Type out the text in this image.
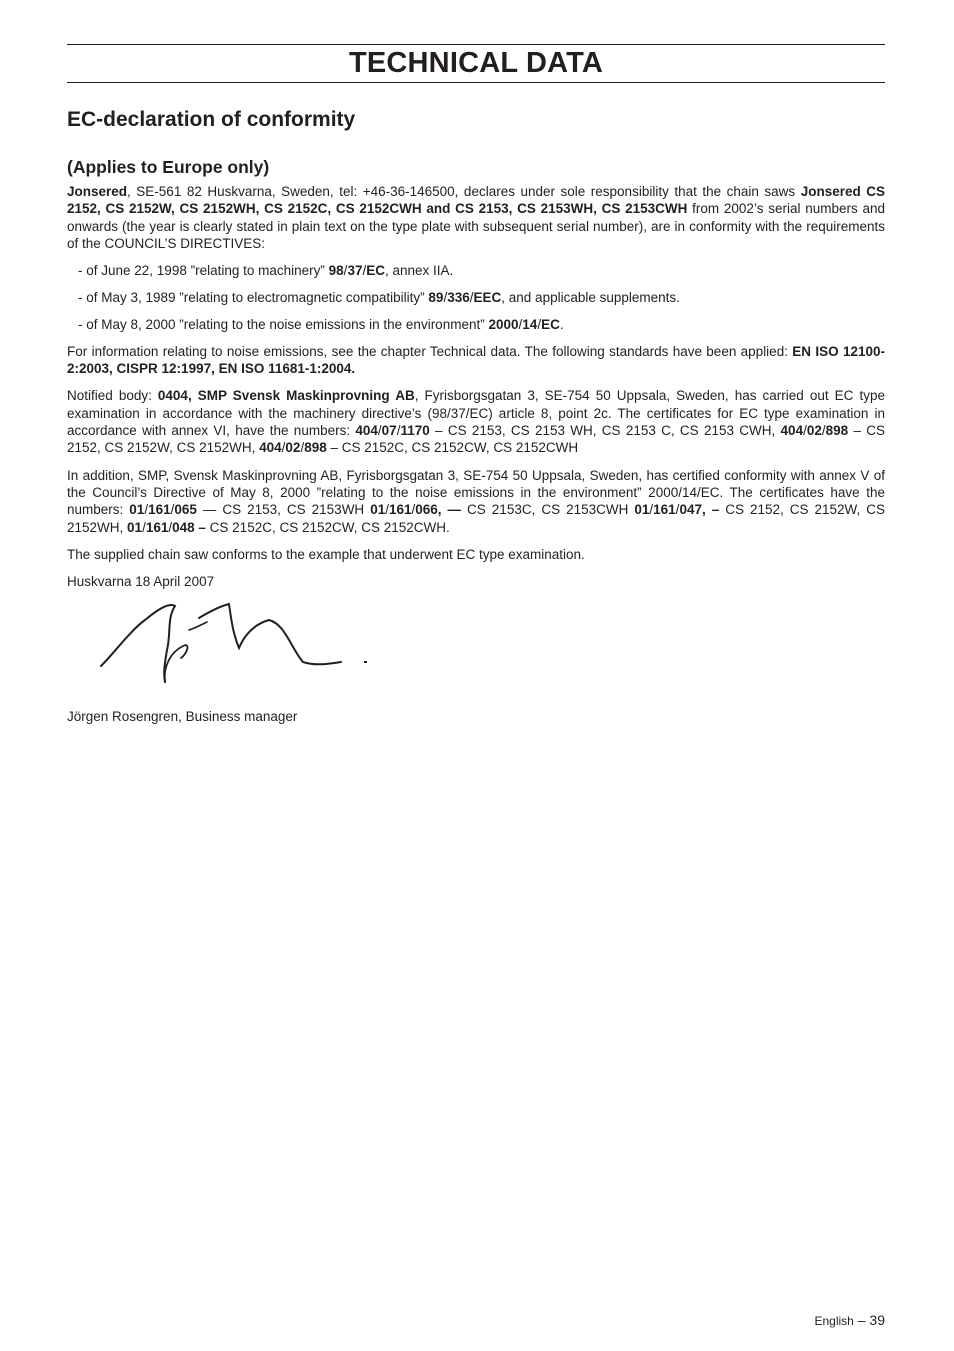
TECHNICAL DATA
EC-declaration of conformity
(Applies to Europe only)

Jonsered, SE-561 82 Huskvarna, Sweden, tel: +46-36-146500, declares under sole responsibility that the chain saws Jonsered CS 2152, CS 2152W, CS 2152WH, CS 2152C, CS 2152CWH and CS 2153, CS 2153WH, CS 2153CWH from 2002’s serial numbers and onwards (the year is clearly stated in plain text on the type plate with subsequent serial number), are in conformity with the requirements of the COUNCIL’S DIRECTIVES:

- of June 22, 1998 ”relating to machinery” 98/37/EC, annex IIA.

- of May 3, 1989 ”relating to electromagnetic compatibility” 89/336/EEC, and applicable supplements.

- of May 8, 2000 ”relating to the noise emissions in the environment” 2000/14/EC.

For information relating to noise emissions, see the chapter Technical data. The following standards have been applied: EN ISO 12100-2:2003, CISPR 12:1997, EN ISO 11681-1:2004.

Notified body: 0404, SMP Svensk Maskinprovning AB, Fyrisborgsgatan 3, SE-754 50 Uppsala, Sweden, has carried out EC type examination in accordance with the machinery directive’s (98/37/EC) article 8, point 2c. The certificates for EC type examination in accordance with annex VI, have the numbers: 404/07/1170 – CS 2153, CS 2153 WH, CS 2153 C, CS 2153 CWH, 404/02/898 – CS 2152, CS 2152W, CS 2152WH, 404/02/898 – CS 2152C, CS 2152CW, CS 2152CWH

In addition, SMP, Svensk Maskinprovning AB, Fyrisborgsgatan 3, SE-754 50 Uppsala, Sweden, has certified conformity with annex V of the Council’s Directive of May 8, 2000 ”relating to the noise emissions in the environment” 2000/14/EC. The certificates have the numbers: 01/161/065 — CS 2153, CS 2153WH 01/161/066, — CS 2153C, CS 2153CWH 01/161/047, – CS 2152, CS 2152W, CS 2152WH, 01/161/048 – CS 2152C, CS 2152CW, CS 2152CWH.

The supplied chain saw conforms to the example that underwent EC type examination.

Huskvarna 18 April 2007

Jörgen Rosengren, Business manager

English – 39
